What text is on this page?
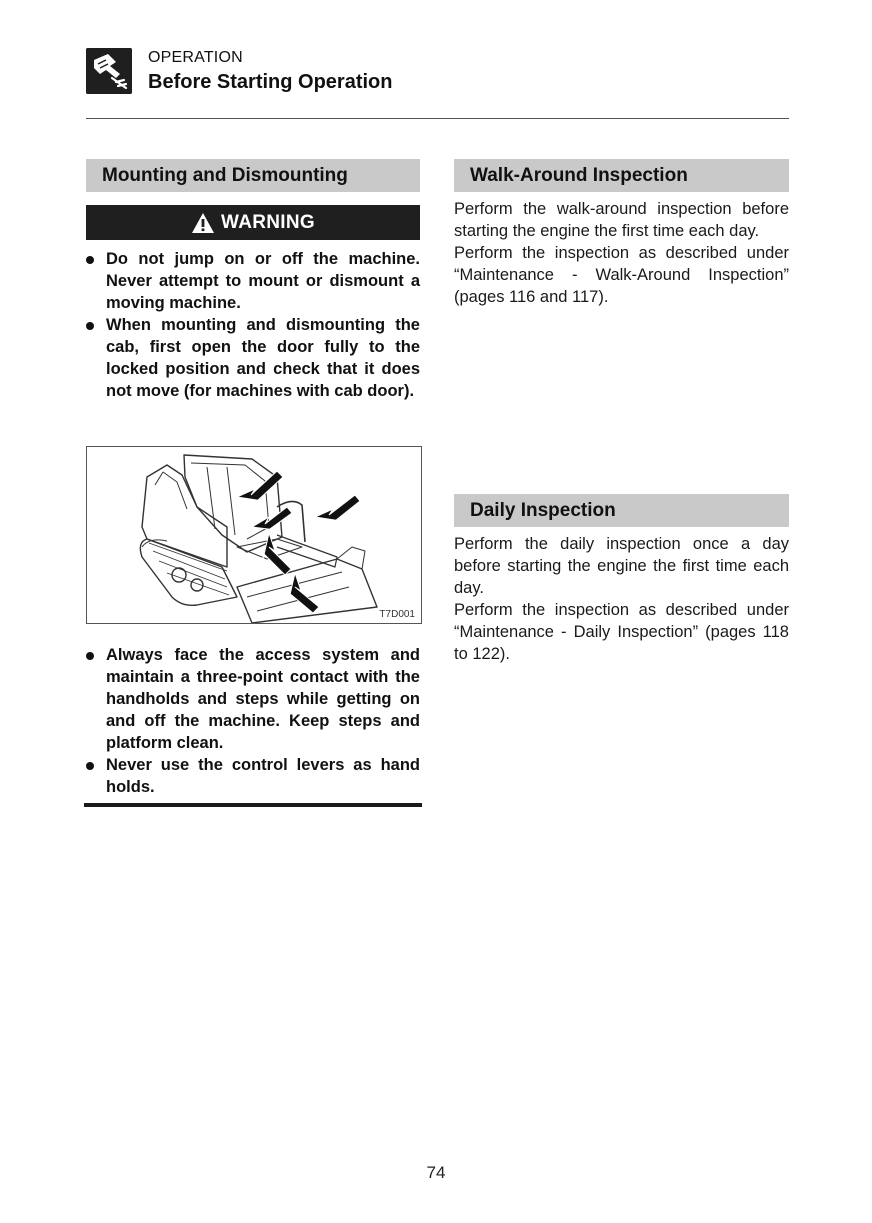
OPERATION
Before Starting Operation
Mounting and Dismounting
WARNING
Do not jump on or off the machine. Never attempt to mount or dismount a moving machine.
When mounting and dismounting the cab, first open the door fully to the locked position and check that it does not move (for machines with cab door).
T7D001
Always face the access system and maintain a three-point contact with the handholds and steps while getting on and off the machine. Keep steps and platform clean.
Never use the control levers as hand holds.
Walk-Around Inspection

Perform the walk-around inspection before starting the engine the first time each day.

Perform the inspection as described under “Maintenance - Walk-Around Inspection” (pages 116 and 117).

Daily Inspection

Perform the daily inspection once a day before starting the engine the first time each day.

Perform the inspection as described under “Maintenance - Daily Inspection” (pages 118 to 122).

74
